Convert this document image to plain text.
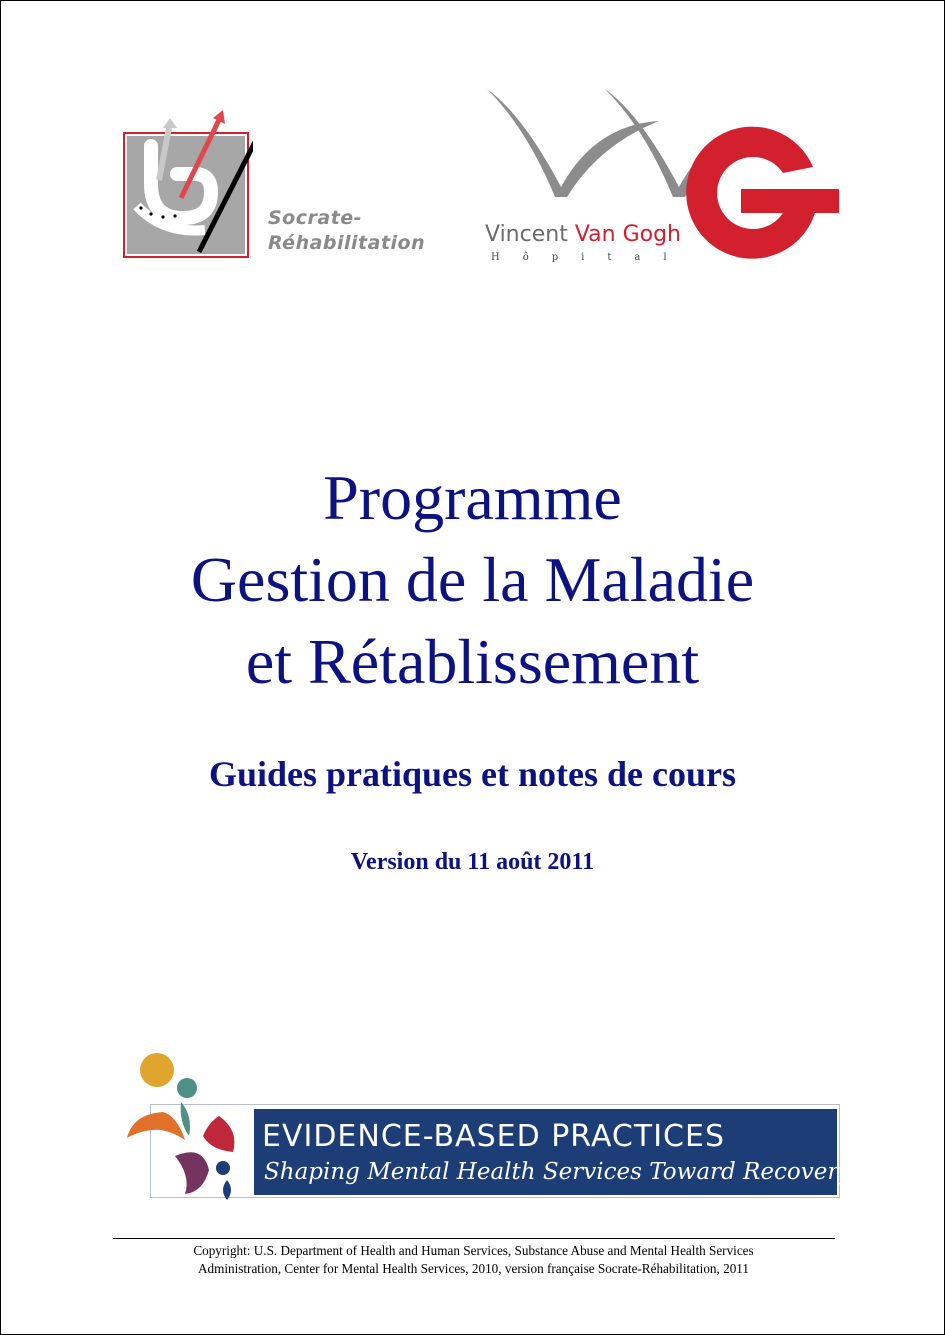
Socrate-
Réhabilitation	Vincent Van Gogh
Hôpital
Programme
Gestion de la Maladie
et Rétablissement
Guides pratiques et notes de cours
Version du 11 août 2011
EVIDENCE-BASED PRACTICES
Shaping Mental Health Services Toward Recovery
Copyright: U.S. Department of Health and Human Services, Substance Abuse and Mental Health Services
Administration, Center for Mental Health Services, 2010, version française Socrate-Réhabilitation, 2011
